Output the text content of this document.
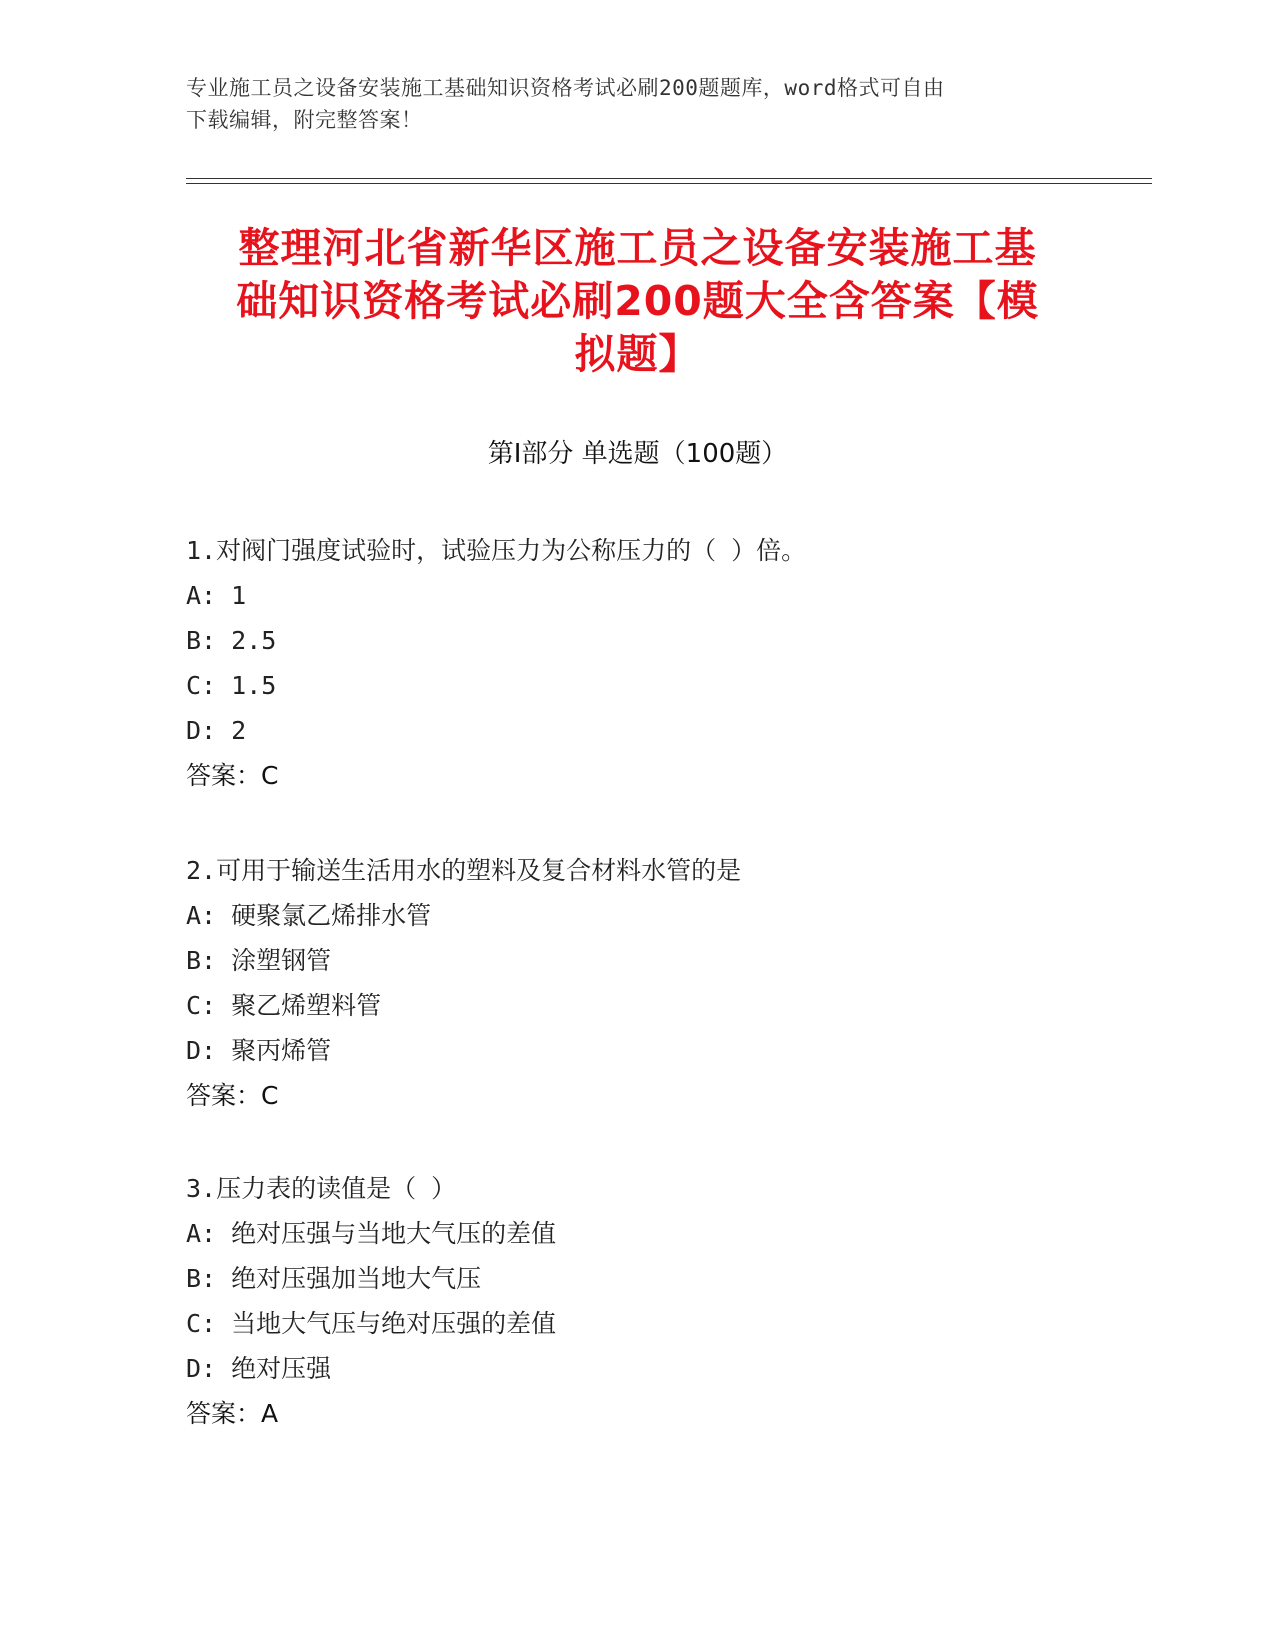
专业施工员之设备安装施工基础知识资格考试必刷200题题库，word格式可自由
下载编辑，附完整答案！
整理河北省新华区施工员之设备安装施工基
础知识资格考试必刷200题大全含答案【模
拟题】
第Ⅰ部分 单选题（100题）
1.对阀门强度试验时，试验压力为公称压力的（ ）倍。
A: 1
B: 2.5
C: 1.5
D: 2
答案：C
2.可用于输送生活用水的塑料及复合材料水管的是
A: 硬聚氯乙烯排水管
B: 涂塑钢管
C: 聚乙烯塑料管
D: 聚丙烯管
答案：C
3.压力表的读值是（ ）
A: 绝对压强与当地大气压的差值
B: 绝对压强加当地大气压
C: 当地大气压与绝对压强的差值
D: 绝对压强
答案：A
